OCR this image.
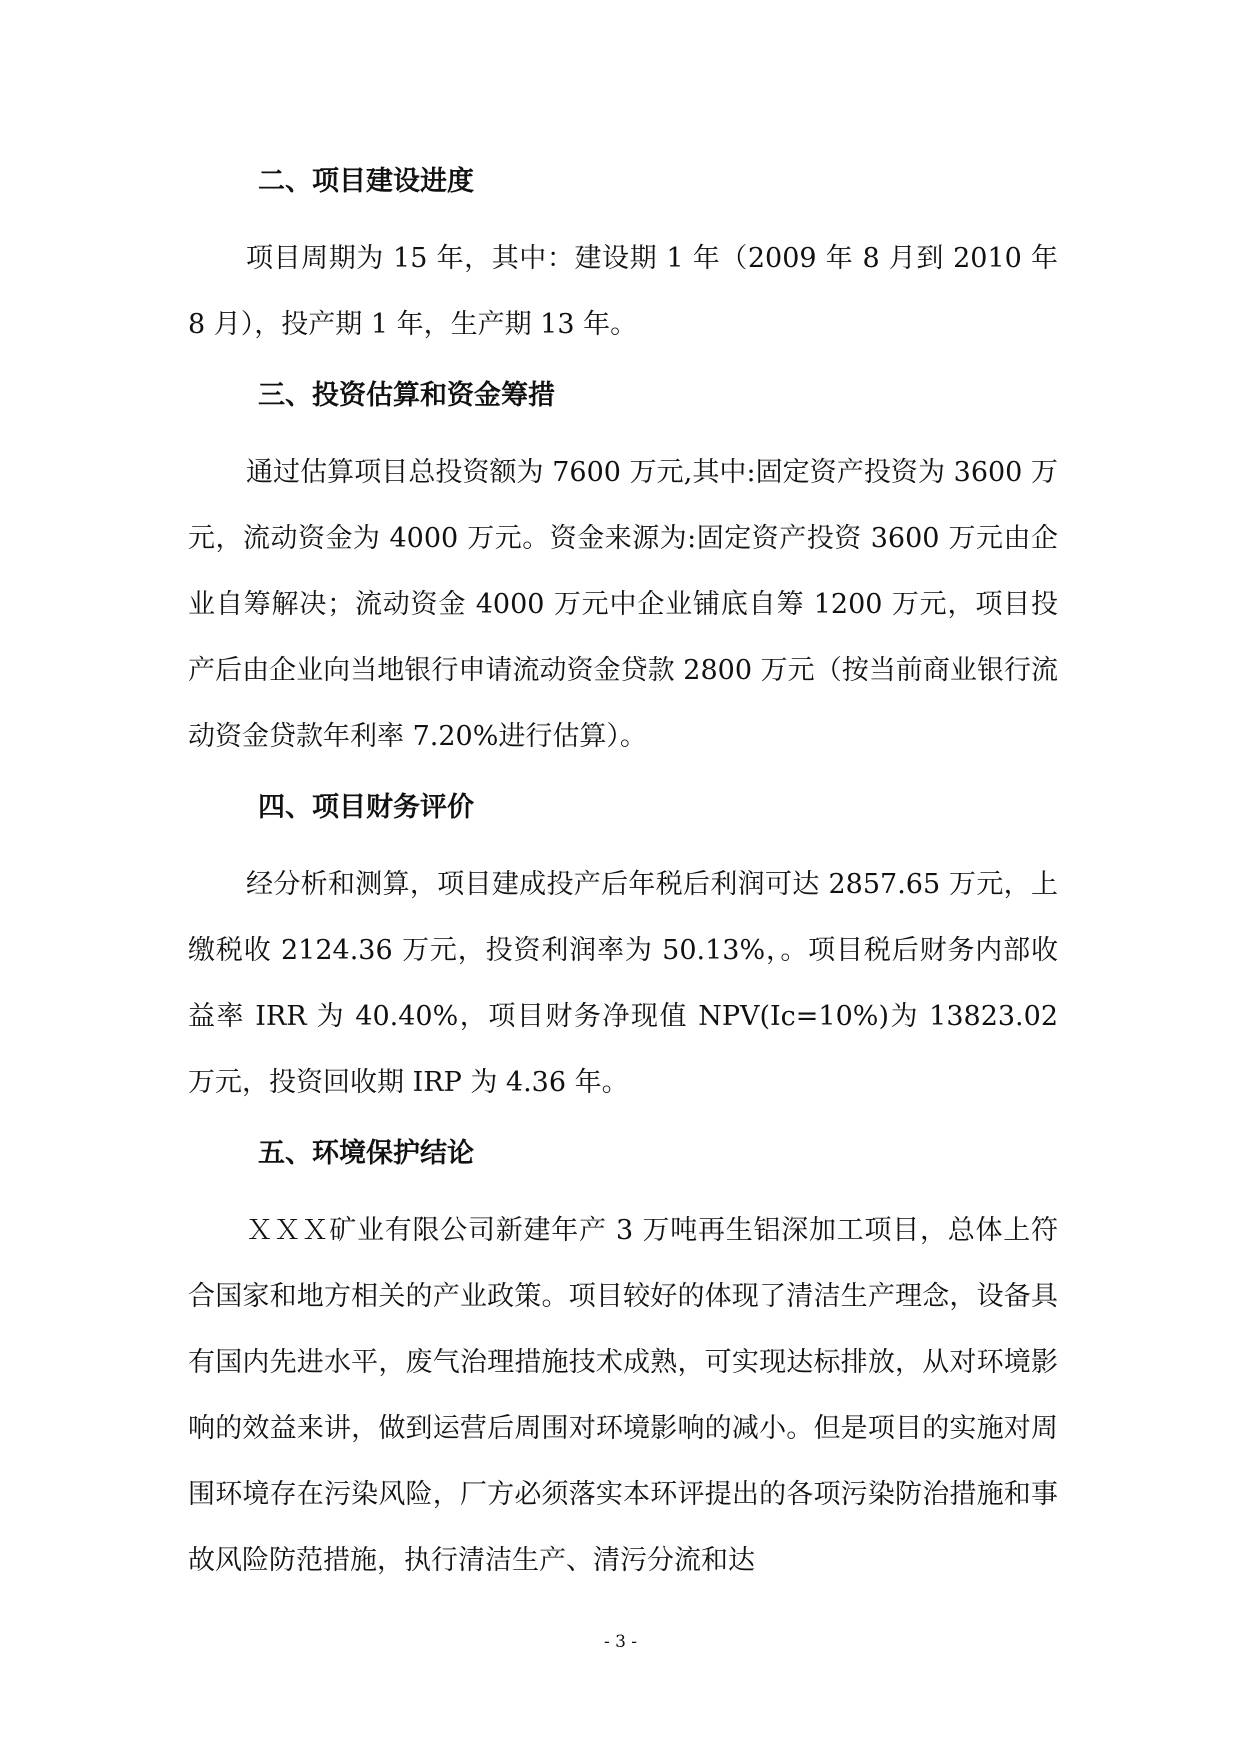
二、项目建设进度

项目周期为 15 年，其中：建设期 1 年（2009 年 8 月到 2010 年 8 月），投产期 1 年，生产期 13 年。

三、投资估算和资金筹措

通过估算项目总投资额为 7600 万元,其中:固定资产投资为 3600 万元，流动资金为 4000 万元。资金来源为:固定资产投资 3600 万元由企业自筹解决；流动资金 4000 万元中企业铺底自筹 1200 万元，项目投产后由企业向当地银行申请流动资金贷款 2800 万元（按当前商业银行流动资金贷款年利率 7.20%进行估算）。

四、项目财务评价

经分析和测算，项目建成投产后年税后利润可达 2857.65 万元，上缴税收 2124.36 万元，投资利润率为 50.13%，。项目税后财务内部收益率 IRR 为 40.40%，项目财务净现值 NPV(Ic=10%)为 13823.02 万元，投资回收期 IRP 为 4.36 年。

五、环境保护结论

ＸＸＸ矿业有限公司新建年产 3 万吨再生铝深加工项目，总体上符合国家和地方相关的产业政策。项目较好的体现了清洁生产理念，设备具有国内先进水平，废气治理措施技术成熟，可实现达标排放，从对环境影响的效益来讲，做到运营后周围对环境影响的减小。但是项目的实施对周围环境存在污染风险，厂方必须落实本环评提出的各项污染防治措施和事故风险防范措施，执行清洁生产、清污分流和达

- 3 -
